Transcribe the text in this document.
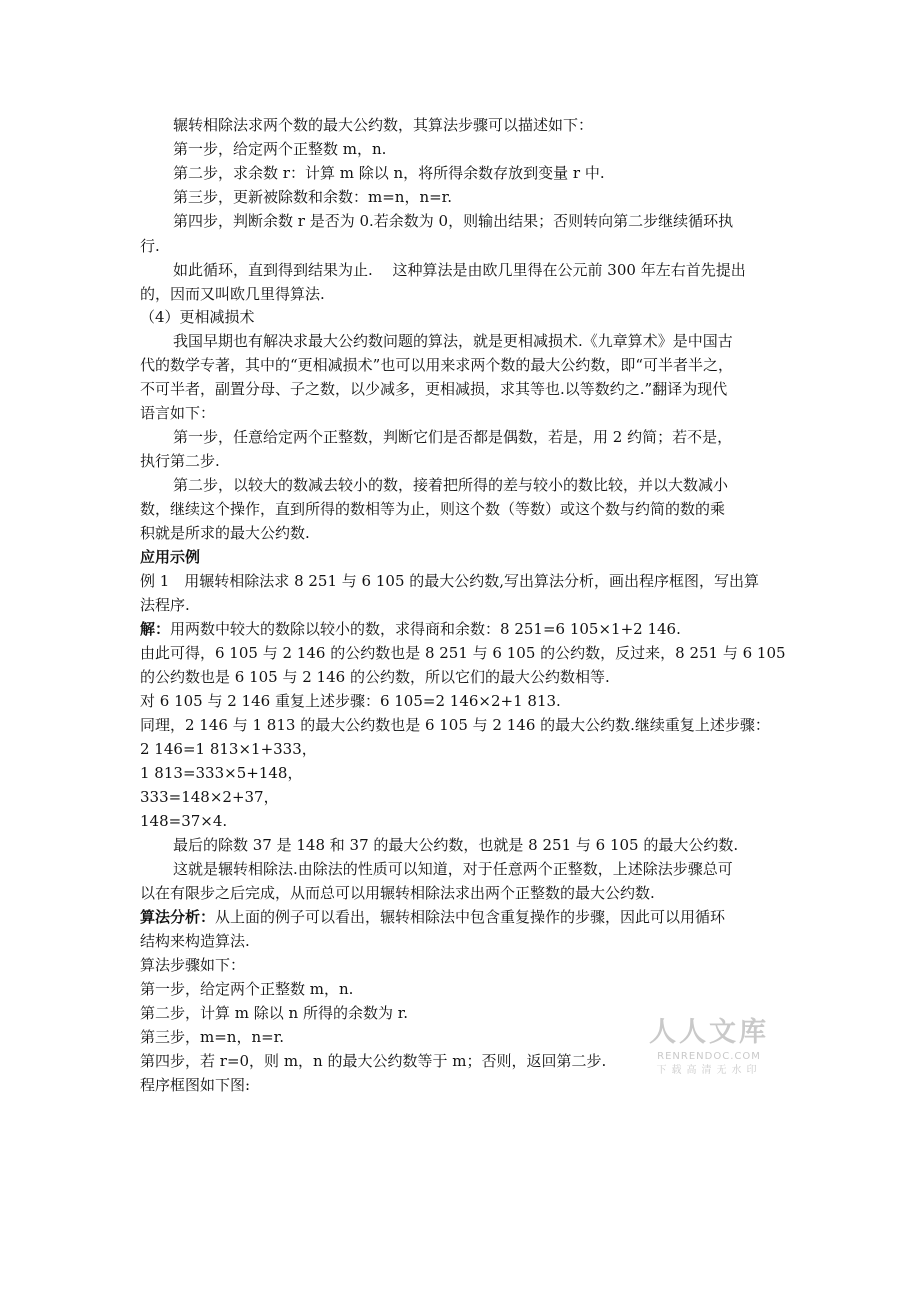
辗转相除法求两个数的最大公约数，其算法步骤可以描述如下：
第一步，给定两个正整数 m，n.
第二步，求余数 r：计算 m 除以 n，将所得余数存放到变量 r 中.
第三步，更新被除数和余数：m=n，n=r.
第四步，判断余数 r 是否为 0.若余数为 0，则输出结果；否则转向第二步继续循环执
行.
如此循环，直到得到结果为止.　 这种算法是由欧几里得在公元前 300 年左右首先提出
的，因而又叫欧几里得算法.
（4）更相减损术
我国早期也有解决求最大公约数问题的算法，就是更相减损术.《九章算术》是中国古
代的数学专著，其中的“更相减损术”也可以用来求两个数的最大公约数，即“可半者半之，
不可半者，副置分母、子之数，以少减多，更相减损，求其等也.以等数约之.”翻译为现代
语言如下：
第一步，任意给定两个正整数，判断它们是否都是偶数，若是，用 2 约简；若不是，
执行第二步.
第二步，以较大的数减去较小的数，接着把所得的差与较小的数比较，并以大数减小
数，继续这个操作，直到所得的数相等为止，则这个数（等数）或这个数与约简的数的乘
积就是所求的最大公约数.
应用示例
例 1　用辗转相除法求 8 251 与 6 105 的最大公约数,写出算法分析，画出程序框图，写出算
法程序.
解：用两数中较大的数除以较小的数，求得商和余数：8 251=6 105×1+2 146.
由此可得，6 105 与 2 146 的公约数也是 8 251 与 6 105 的公约数，反过来，8 251 与 6 105
的公约数也是 6 105 与 2 146 的公约数，所以它们的最大公约数相等.
对 6 105 与 2 146 重复上述步骤：6 105=2 146×2+1 813.
同理，2 146 与 1 813 的最大公约数也是 6 105 与 2 146 的最大公约数.继续重复上述步骤：
2 146=1 813×1+333，
1 813=333×5+148，
333=148×2+37，
148=37×4.
最后的除数 37 是 148 和 37 的最大公约数，也就是 8 251 与 6 105 的最大公约数.
这就是辗转相除法.由除法的性质可以知道，对于任意两个正整数，上述除法步骤总可
以在有限步之后完成，从而总可以用辗转相除法求出两个正整数的最大公约数.
算法分析：从上面的例子可以看出，辗转相除法中包含重复操作的步骤，因此可以用循环
结构来构造算法.
算法步骤如下：
第一步，给定两个正整数 m，n.
第二步，计算 m 除以 n 所得的余数为 r.
第三步，m=n，n=r.
第四步，若 r=0，则 m，n 的最大公约数等于 m；否则，返回第二步.
程序框图如下图:
人人文库
RENRENDOC.COM
下载高清无水印
